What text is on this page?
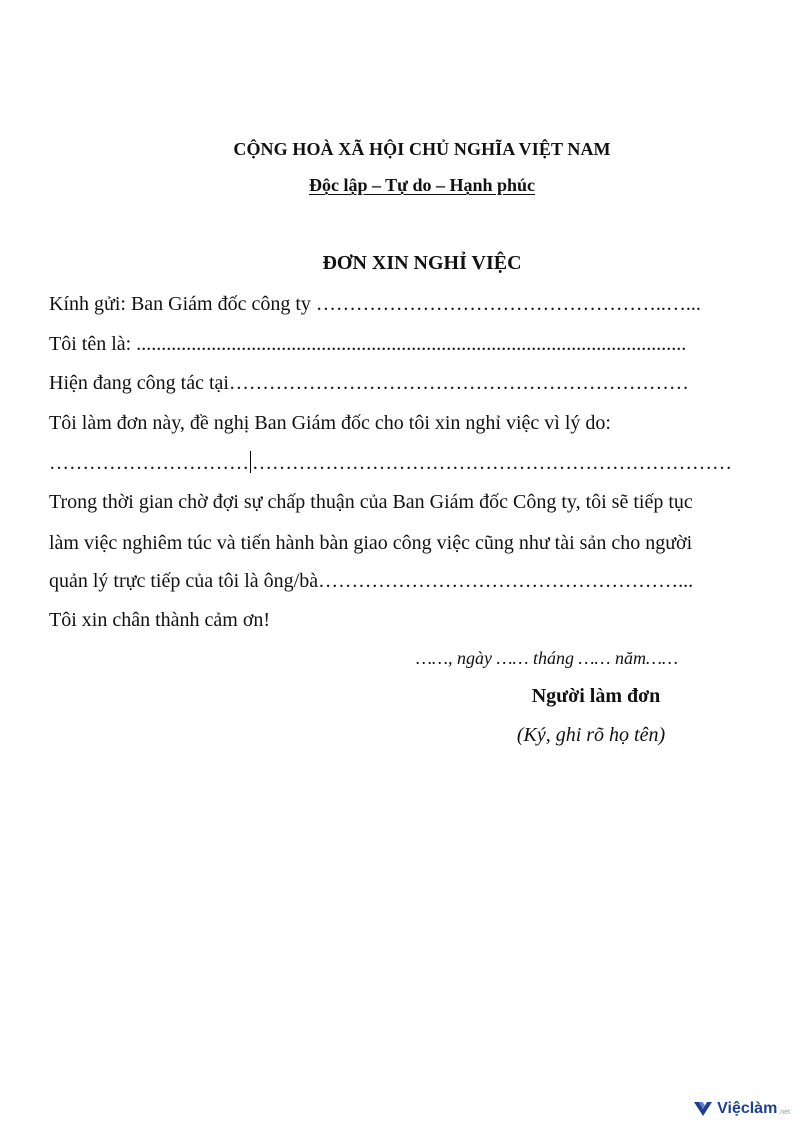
CỘNG HOÀ XÃ HỘI CHỦ NGHĨA VIỆT NAM
Độc lập – Tự do – Hạnh phúc
ĐƠN XIN NGHỈ VIỆC
Kính gửi: Ban Giám đốc công ty ……………………………………………..…...
Tôi tên là: ..............................................................................................................
Hiện đang công tác tại……………………………………………………………
Tôi làm đơn này, đề nghị Ban Giám đốc cho tôi xin nghỉ việc vì lý do:
………………………… ………………………………………………………………
Trong thời gian chờ đợi sự chấp thuận của Ban Giám đốc Công ty, tôi sẽ tiếp tục
làm việc nghiêm túc và tiến hành bàn giao công việc cũng như tài sản cho người
quản lý trực tiếp của tôi là ông/bà………………………………………………...
Tôi xin chân thành cảm ơn!
……, ngày …… tháng …… năm……
Người làm đơn
(Ký, ghi rõ họ tên)
Việclàm .net
